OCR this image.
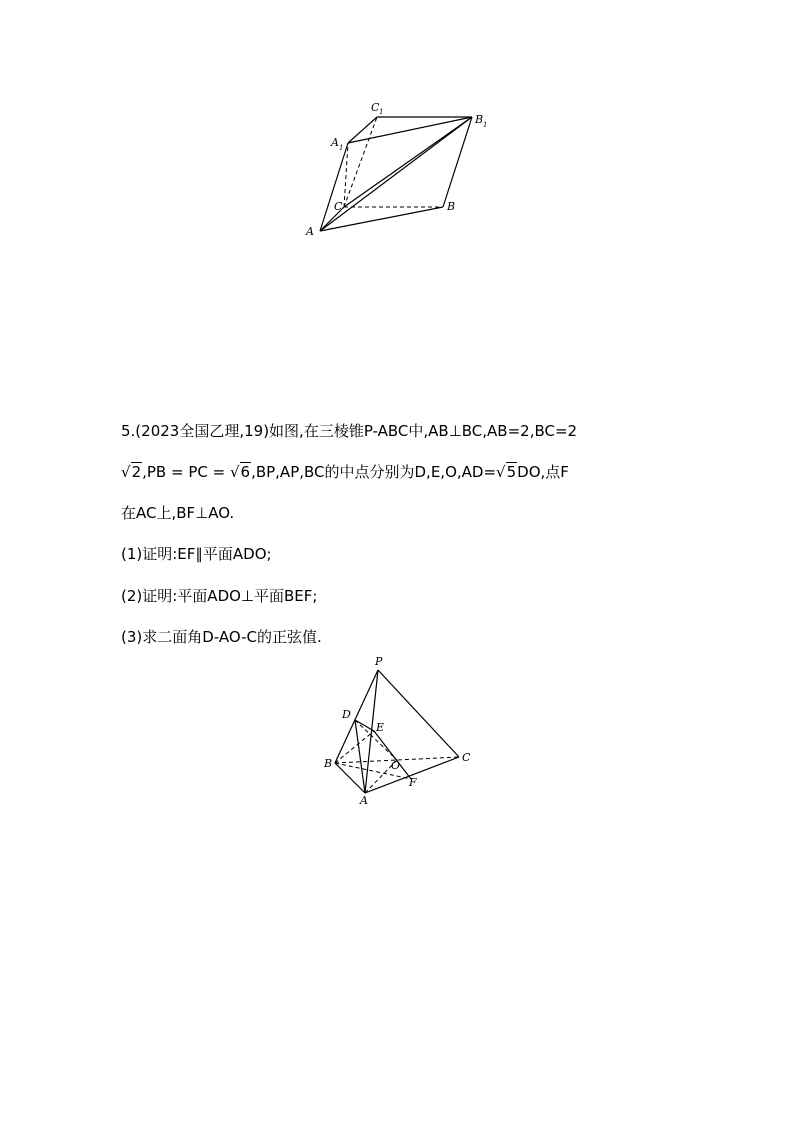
C 1
B 1
A 1
C	B
A
5.(2023全国乙理,19)如图,在三棱锥P-ABC中,AB⊥BC,AB=2,BC=2
√2,PB = PC = √6,BP,AP,BC的中点分别为D,E,O,AD=√5DO,点F
在AC上,BF⊥AO.
(1)证明:EF∥平面ADO;
(2)证明:平面ADO⊥平面BEF;
(3)求二面角D-AO-C的正弦值.
P
D
E
B	O
C
A
F
